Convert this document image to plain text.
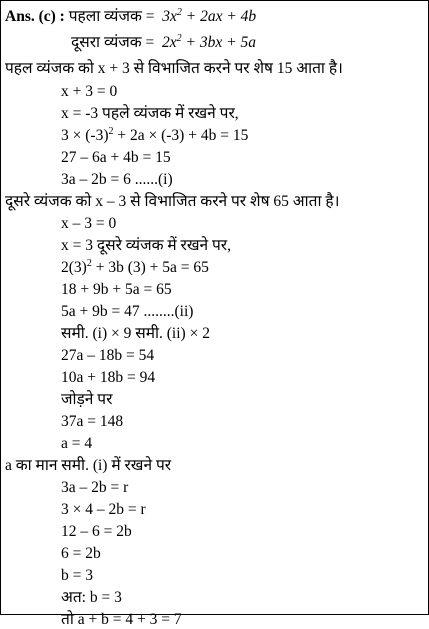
Ans. (c) : पहला व्यंजक =  $3x^2 + 2ax + 4b$
दूसरा व्यंजक =  $2x^2 + 3bx + 5a$
पहल व्यंजक को x + 3 से विभाजित करने पर शेष 15 आता है।
x + 3 = 0
x = -3 पहले व्यंजक में रखने पर,
$3 \times (-3)^2 + 2a \times (-3) + 4b = 15$
27 – 6a + 4b = 15
3a – 2b = 6 ......(i)
दूसरे व्यंजक को x – 3 से विभाजित करने पर शेष 65 आता है।
x – 3 = 0
x = 3 दूसरे व्यंजक में रखने पर,
$2(3)^2 + 3b$ (3) + 5a = 65
18 + 9b + 5a = 65
5a + 9b = 47 ........(ii)
समी. (i) × 9 समी. (ii) × 2
27a – 18b = 54
10a + 18b = 94
जोड़ने पर
37a = 148
a = 4
a का मान समी. (i) में रखने पर
3a – 2b = r
3 × 4 – 2b = r
12 – 6 = 2b
6 = 2b
b = 3
अत: b = 3
तो a + b = 4 + 3 = 7
